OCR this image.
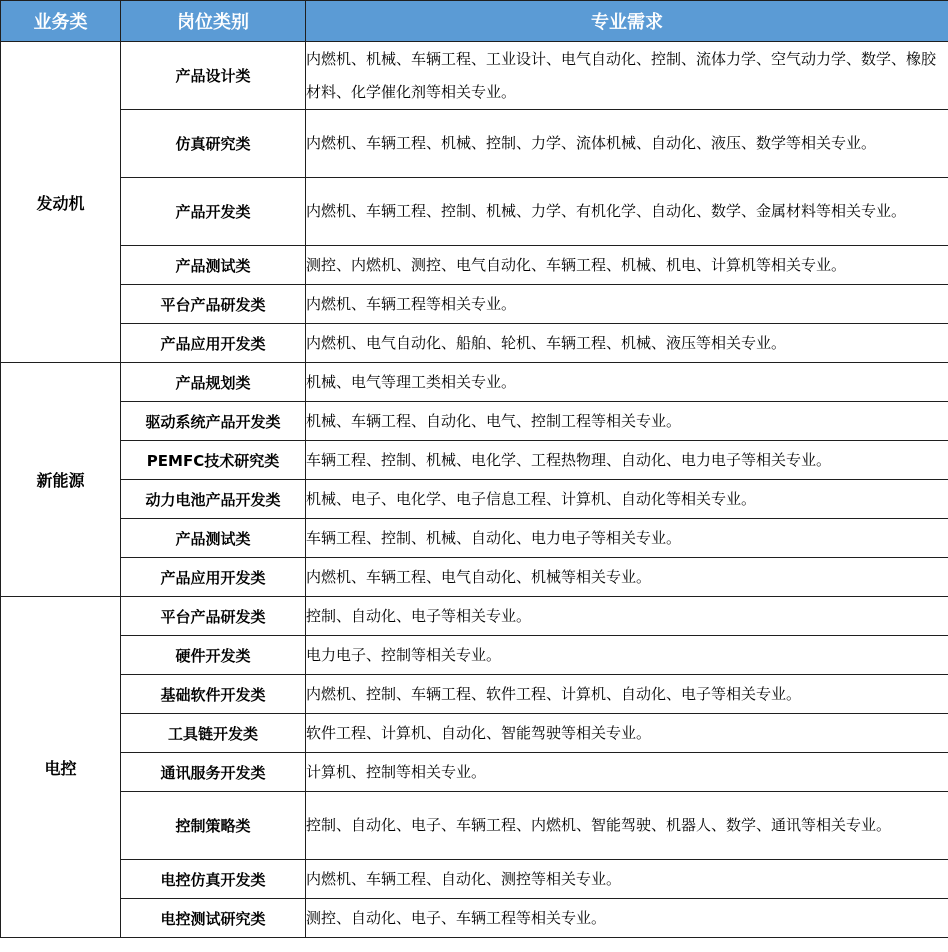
业务类	岗位类别	专业需求
发动机	产品设计类	内燃机、机械、车辆工程、工业设计、电气自动化、控制、流体力学、空气动力学、数学、橡胶材料、化学催化剂等相关专业。
	仿真研究类	内燃机、车辆工程、机械、控制、力学、流体机械、自动化、液压、数学等相关专业。
	产品开发类	内燃机、车辆工程、控制、机械、力学、有机化学、自动化、数学、金属材料等相关专业。
	产品测试类	测控、内燃机、测控、电气自动化、车辆工程、机械、机电、计算机等相关专业。
	平台产品研发类	内燃机、车辆工程等相关专业。
	产品应用开发类	内燃机、电气自动化、船舶、轮机、车辆工程、机械、液压等相关专业。
新能源	产品规划类	机械、电气等理工类相关专业。
	驱动系统产品开发类	机械、车辆工程、自动化、电气、控制工程等相关专业。
	PEMFC技术研究类	车辆工程、控制、机械、电化学、工程热物理、自动化、电力电子等相关专业。
	动力电池产品开发类	机械、电子、电化学、电子信息工程、计算机、自动化等相关专业。
	产品测试类	车辆工程、控制、机械、自动化、电力电子等相关专业。
	产品应用开发类	内燃机、车辆工程、电气自动化、机械等相关专业。
电控	平台产品研发类	控制、自动化、电子等相关专业。
	硬件开发类	电力电子、控制等相关专业。
	基础软件开发类	内燃机、控制、车辆工程、软件工程、计算机、自动化、电子等相关专业。
	工具链开发类	软件工程、计算机、自动化、智能驾驶等相关专业。
	通讯服务开发类	计算机、控制等相关专业。
	控制策略类	控制、自动化、电子、车辆工程、内燃机、智能驾驶、机器人、数学、通讯等相关专业。
	电控仿真开发类	内燃机、车辆工程、自动化、测控等相关专业。
	电控测试研究类	测控、自动化、电子、车辆工程等相关专业。
